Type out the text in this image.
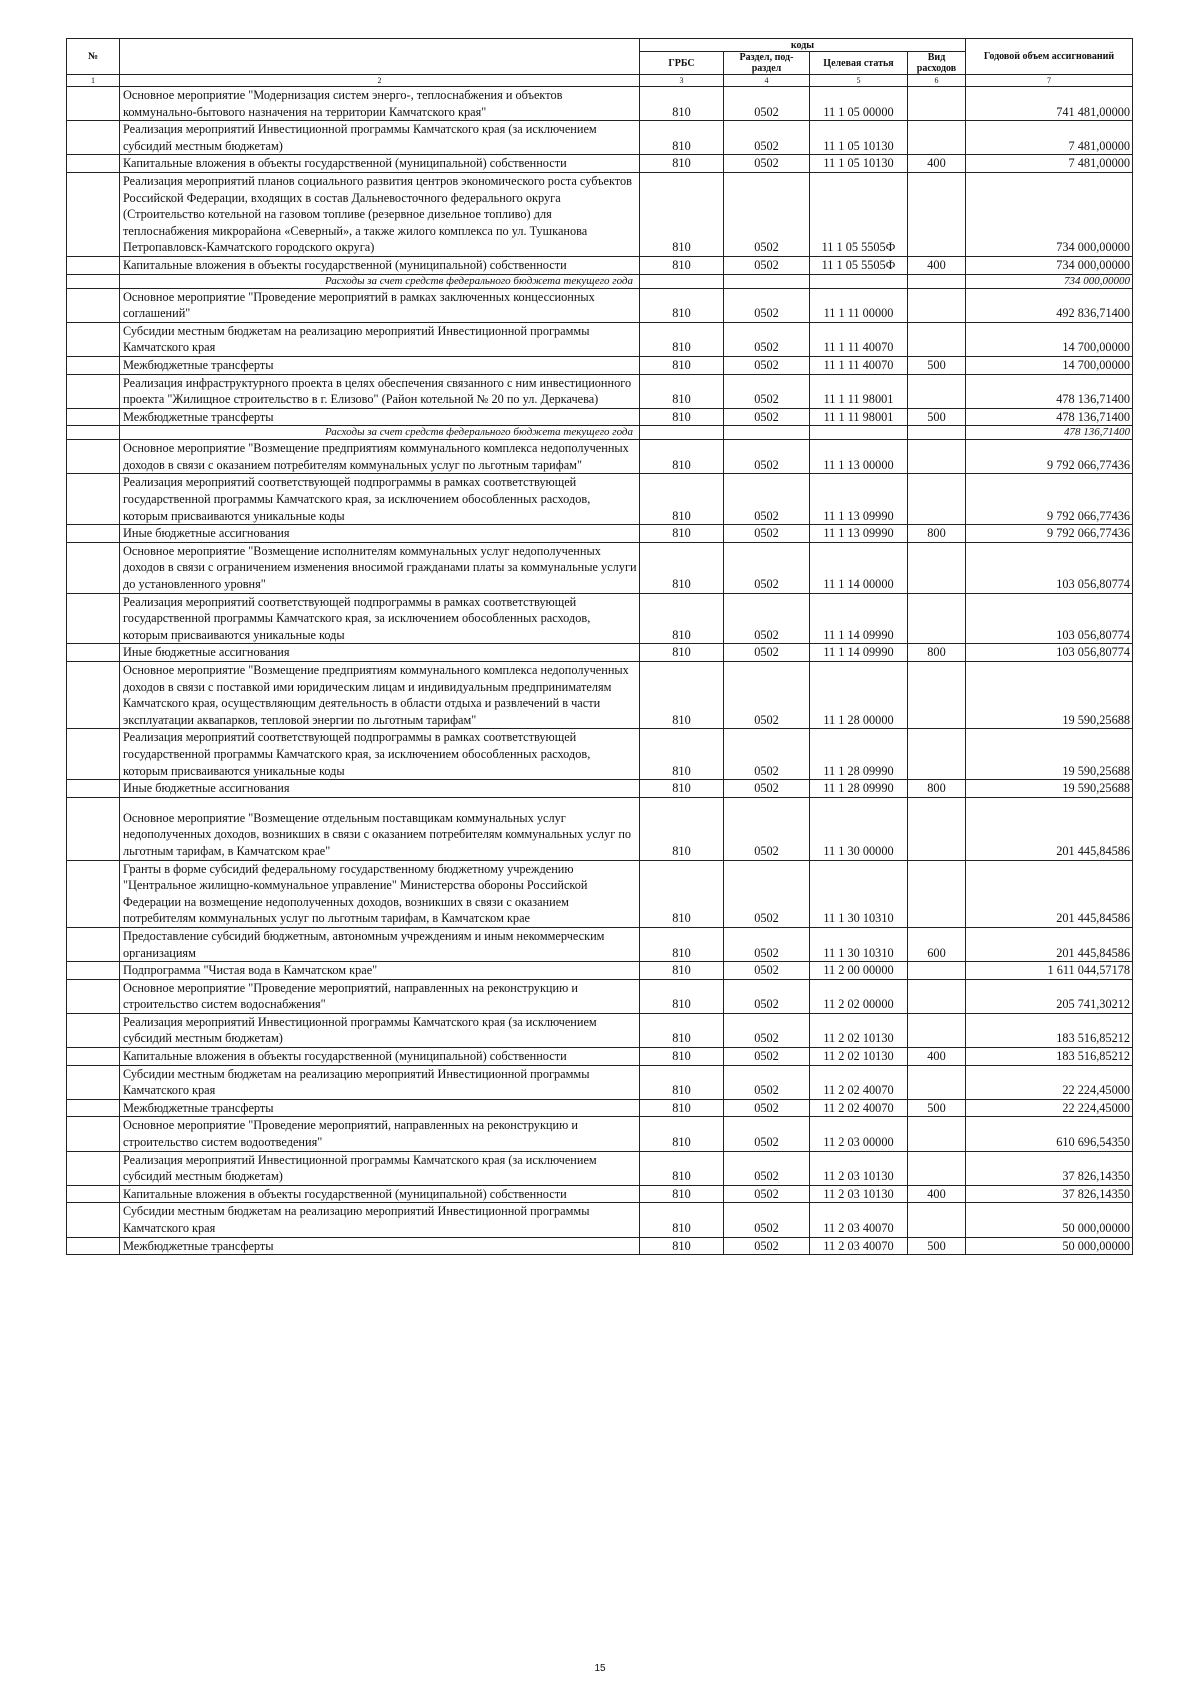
№		коды				Годовой объем ассигнований
		ГРБС	Раздел, под-раздел	Целевая статья	Вид расходов	
1	2	3	4	5	6	7
	Основное мероприятие "Модернизация систем энерго-, теплоснабжения и объектов коммунально-бытового назначения на территории Камчатского края"	810	0502	11 1 05 00000		741 481,00000
	Реализация мероприятий Инвестиционной программы Камчатского края (за исключением субсидий местным бюджетам)	810	0502	11 1 05 10130		7 481,00000
	Капитальные вложения в объекты государственной (муниципальной) собственности	810	0502	11 1 05 10130	400	7 481,00000
	Реализация мероприятий планов социального развития центров экономического роста субъектов Российской Федерации, входящих в состав Дальневосточного федерального округа (Строительство котельной на газовом топливе (резервное дизельное топливо) для теплоснабжения микрорайона «Северный», а также жилого комплекса по ул. Тушканова Петропавловск-Камчатского городского округа)	810	0502	11 1 05 5505Ф		734 000,00000
	Капитальные вложения в объекты государственной (муниципальной) собственности	810	0502	11 1 05 5505Ф	400	734 000,00000
	Расходы за счет средств федерального бюджета текущего года					734 000,00000
	Основное мероприятие "Проведение мероприятий в рамках заключенных концессионных соглашений"	810	0502	11 1 11 00000		492 836,71400
	Субсидии местным бюджетам на реализацию мероприятий Инвестиционной программы Камчатского края	810	0502	11 1 11 40070		14 700,00000
	Межбюджетные трансферты	810	0502	11 1 11 40070	500	14 700,00000
	Реализация инфраструктурного проекта в целях обеспечения связанного с ним инвестиционного проекта "Жилищное строительство в г. Елизово" (Район котельной № 20 по ул. Деркачева)	810	0502	11 1 11 98001		478 136,71400
	Межбюджетные трансферты	810	0502	11 1 11 98001	500	478 136,71400
	Расходы за счет средств федерального бюджета текущего года					478 136,71400
	Основное мероприятие "Возмещение предприятиям коммунального комплекса недополученных доходов в связи с оказанием потребителям коммунальных услуг по льготным тарифам"	810	0502	11 1 13 00000		9 792 066,77436
	Реализация мероприятий соответствующей подпрограммы в рамках соответствующей государственной программы Камчатского края, за исключением обособленных расходов, которым присваиваются уникальные коды	810	0502	11 1 13 09990		9 792 066,77436
	Иные бюджетные ассигнования	810	0502	11 1 13 09990	800	9 792 066,77436
	Основное мероприятие "Возмещение исполнителям коммунальных услуг недополученных доходов в связи с ограничением изменения вносимой гражданами платы за коммунальные услуги до установленного уровня"	810	0502	11 1 14 00000		103 056,80774
	Реализация мероприятий соответствующей подпрограммы в рамках соответствующей государственной программы Камчатского края, за исключением обособленных расходов, которым присваиваются уникальные коды	810	0502	11 1 14 09990		103 056,80774
	Иные бюджетные ассигнования	810	0502	11 1 14 09990	800	103 056,80774
	Основное мероприятие "Возмещение предприятиям коммунального комплекса недополученных доходов в связи с поставкой ими юридическим лицам и индивидуальным предпринимателям Камчатского края, осуществляющим деятельность в области отдыха и развлечений в части эксплуатации аквапарков, тепловой энергии по льготным тарифам"	810	0502	11 1 28 00000		19 590,25688
	Реализация мероприятий соответствующей подпрограммы в рамках соответствующей государственной программы Камчатского края, за исключением обособленных расходов, которым присваиваются уникальные коды	810	0502	11 1 28 09990		19 590,25688
	Иные бюджетные ассигнования	810	0502	11 1 28 09990	800	19 590,25688
	Основное мероприятие "Возмещение отдельным поставщикам коммунальных услуг недополученных доходов, возникших в связи с оказанием потребителям коммунальных услуг по льготным тарифам, в Камчатском крае"	810	0502	11 1 30 00000		201 445,84586
	Гранты в форме субсидий федеральному государственному бюджетному учреждению "Центральное жилищно-коммунальное управление" Министерства обороны Российской Федерации на возмещение недополученных доходов, возникших в связи с оказанием потребителям коммунальных услуг по льготным тарифам, в Камчатском крае	810	0502	11 1 30 10310		201 445,84586
	Предоставление субсидий бюджетным, автономным учреждениям и иным некоммерческим организациям	810	0502	11 1 30 10310	600	201 445,84586
	Подпрограмма "Чистая вода в Камчатском крае"	810	0502	11 2 00 00000		1 611 044,57178
	Основное мероприятие "Проведение мероприятий, направленных на реконструкцию и строительство систем водоснабжения"	810	0502	11 2 02 00000		205 741,30212
	Реализация мероприятий Инвестиционной программы Камчатского края (за исключением субсидий местным бюджетам)	810	0502	11 2 02 10130		183 516,85212
	Капитальные вложения в объекты государственной (муниципальной) собственности	810	0502	11 2 02 10130	400	183 516,85212
	Субсидии местным бюджетам на реализацию мероприятий Инвестиционной программы Камчатского края	810	0502	11 2 02 40070		22 224,45000
	Межбюджетные трансферты	810	0502	11 2 02 40070	500	22 224,45000
	Основное мероприятие "Проведение мероприятий, направленных на реконструкцию и строительство систем водоотведения"	810	0502	11 2 03 00000		610 696,54350
	Реализация мероприятий Инвестиционной программы Камчатского края (за исключением субсидий местным бюджетам)	810	0502	11 2 03 10130		37 826,14350
	Капитальные вложения в объекты государственной (муниципальной) собственности	810	0502	11 2 03 10130	400	37 826,14350
	Субсидии местным бюджетам на реализацию мероприятий Инвестиционной программы Камчатского края	810	0502	11 2 03 40070		50 000,00000
	Межбюджетные трансферты	810	0502	11 2 03 40070	500	50 000,00000
15
